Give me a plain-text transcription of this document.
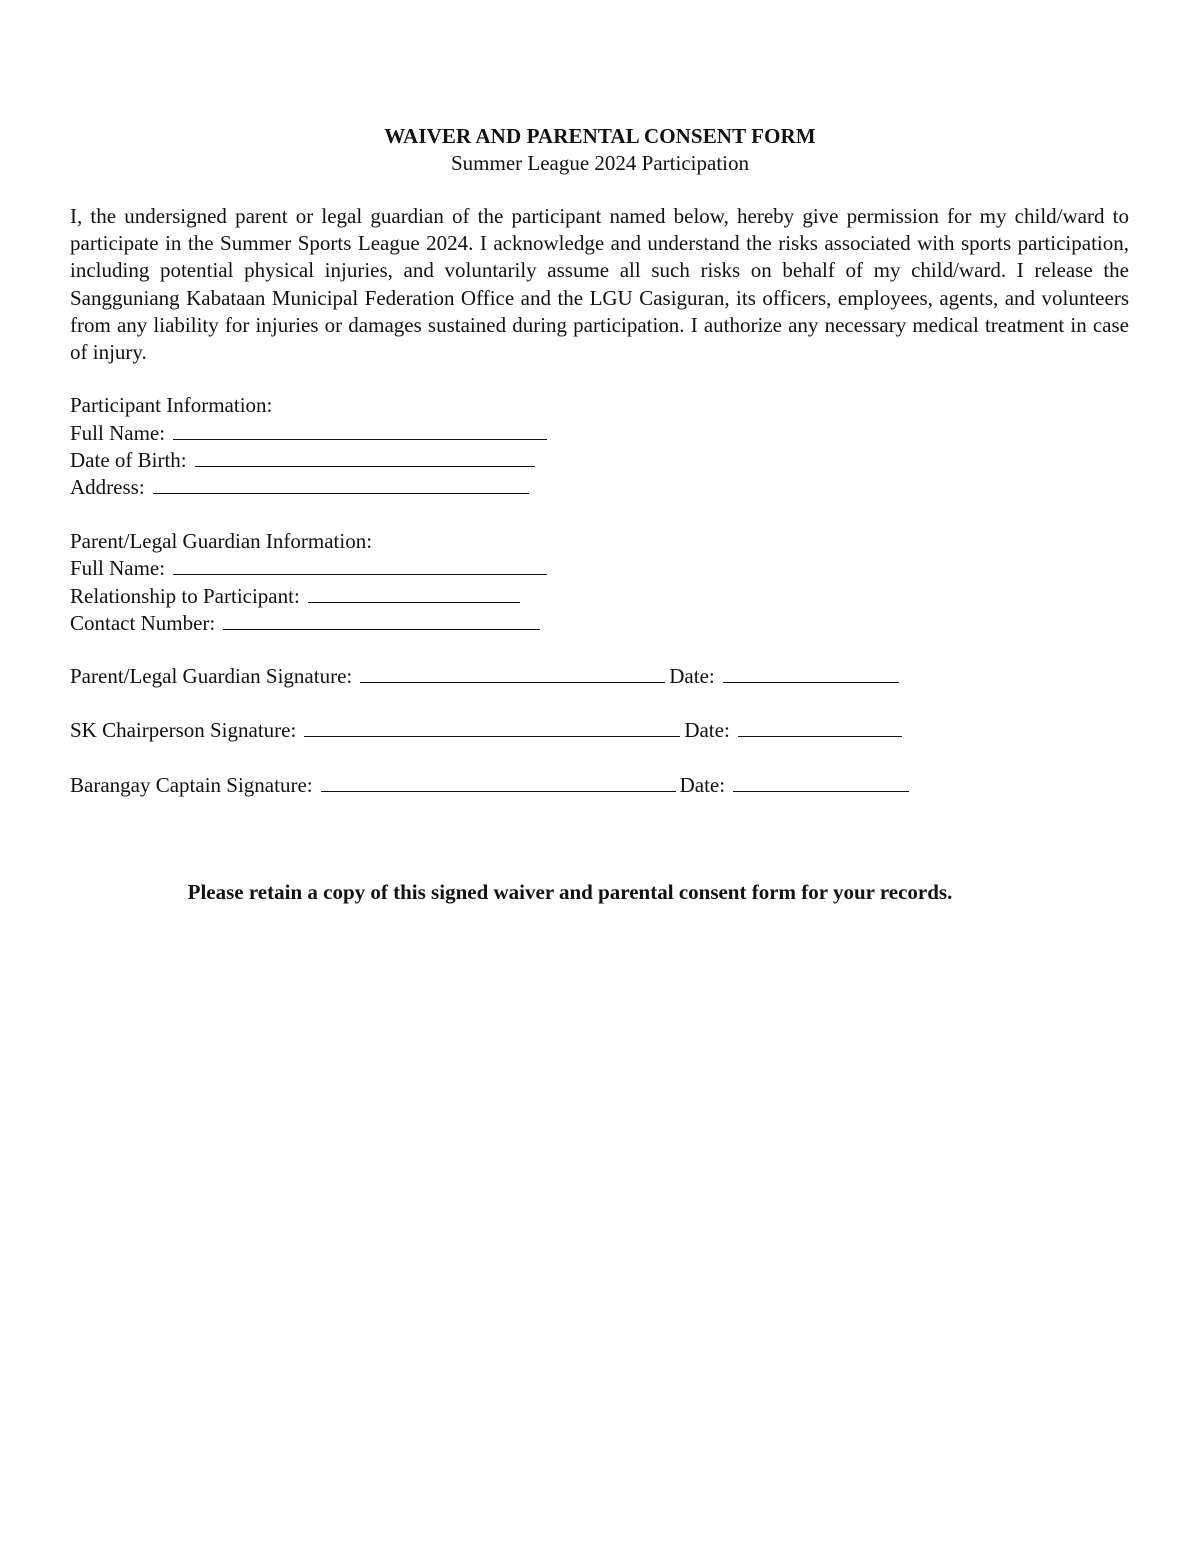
WAIVER AND PARENTAL CONSENT FORM
Summer League 2024 Participation

I, the undersigned parent or legal guardian of the participant named below, hereby give permission for my child/ward to participate in the Summer Sports League 2024. I acknowledge and understand the risks associated with sports participation, including potential physical injuries, and voluntarily assume all such risks on behalf of my child/ward. I release the Sangguniang Kabataan Municipal Federation Office and the LGU Casiguran, its officers, employees, agents, and volunteers from any liability for injuries or damages sustained during participation. I authorize any necessary medical treatment in case of injury.

Participant Information:
Full Name:
Date of Birth:
Address:
Parent/Legal Guardian Information:
Full Name:
Relationship to Participant:
Contact Number:
Parent/Legal Guardian Signature:	Date:
SK Chairperson Signature:	Date:
Barangay Captain Signature:	Date:
Please retain a copy of this signed waiver and parental consent form for your records.
